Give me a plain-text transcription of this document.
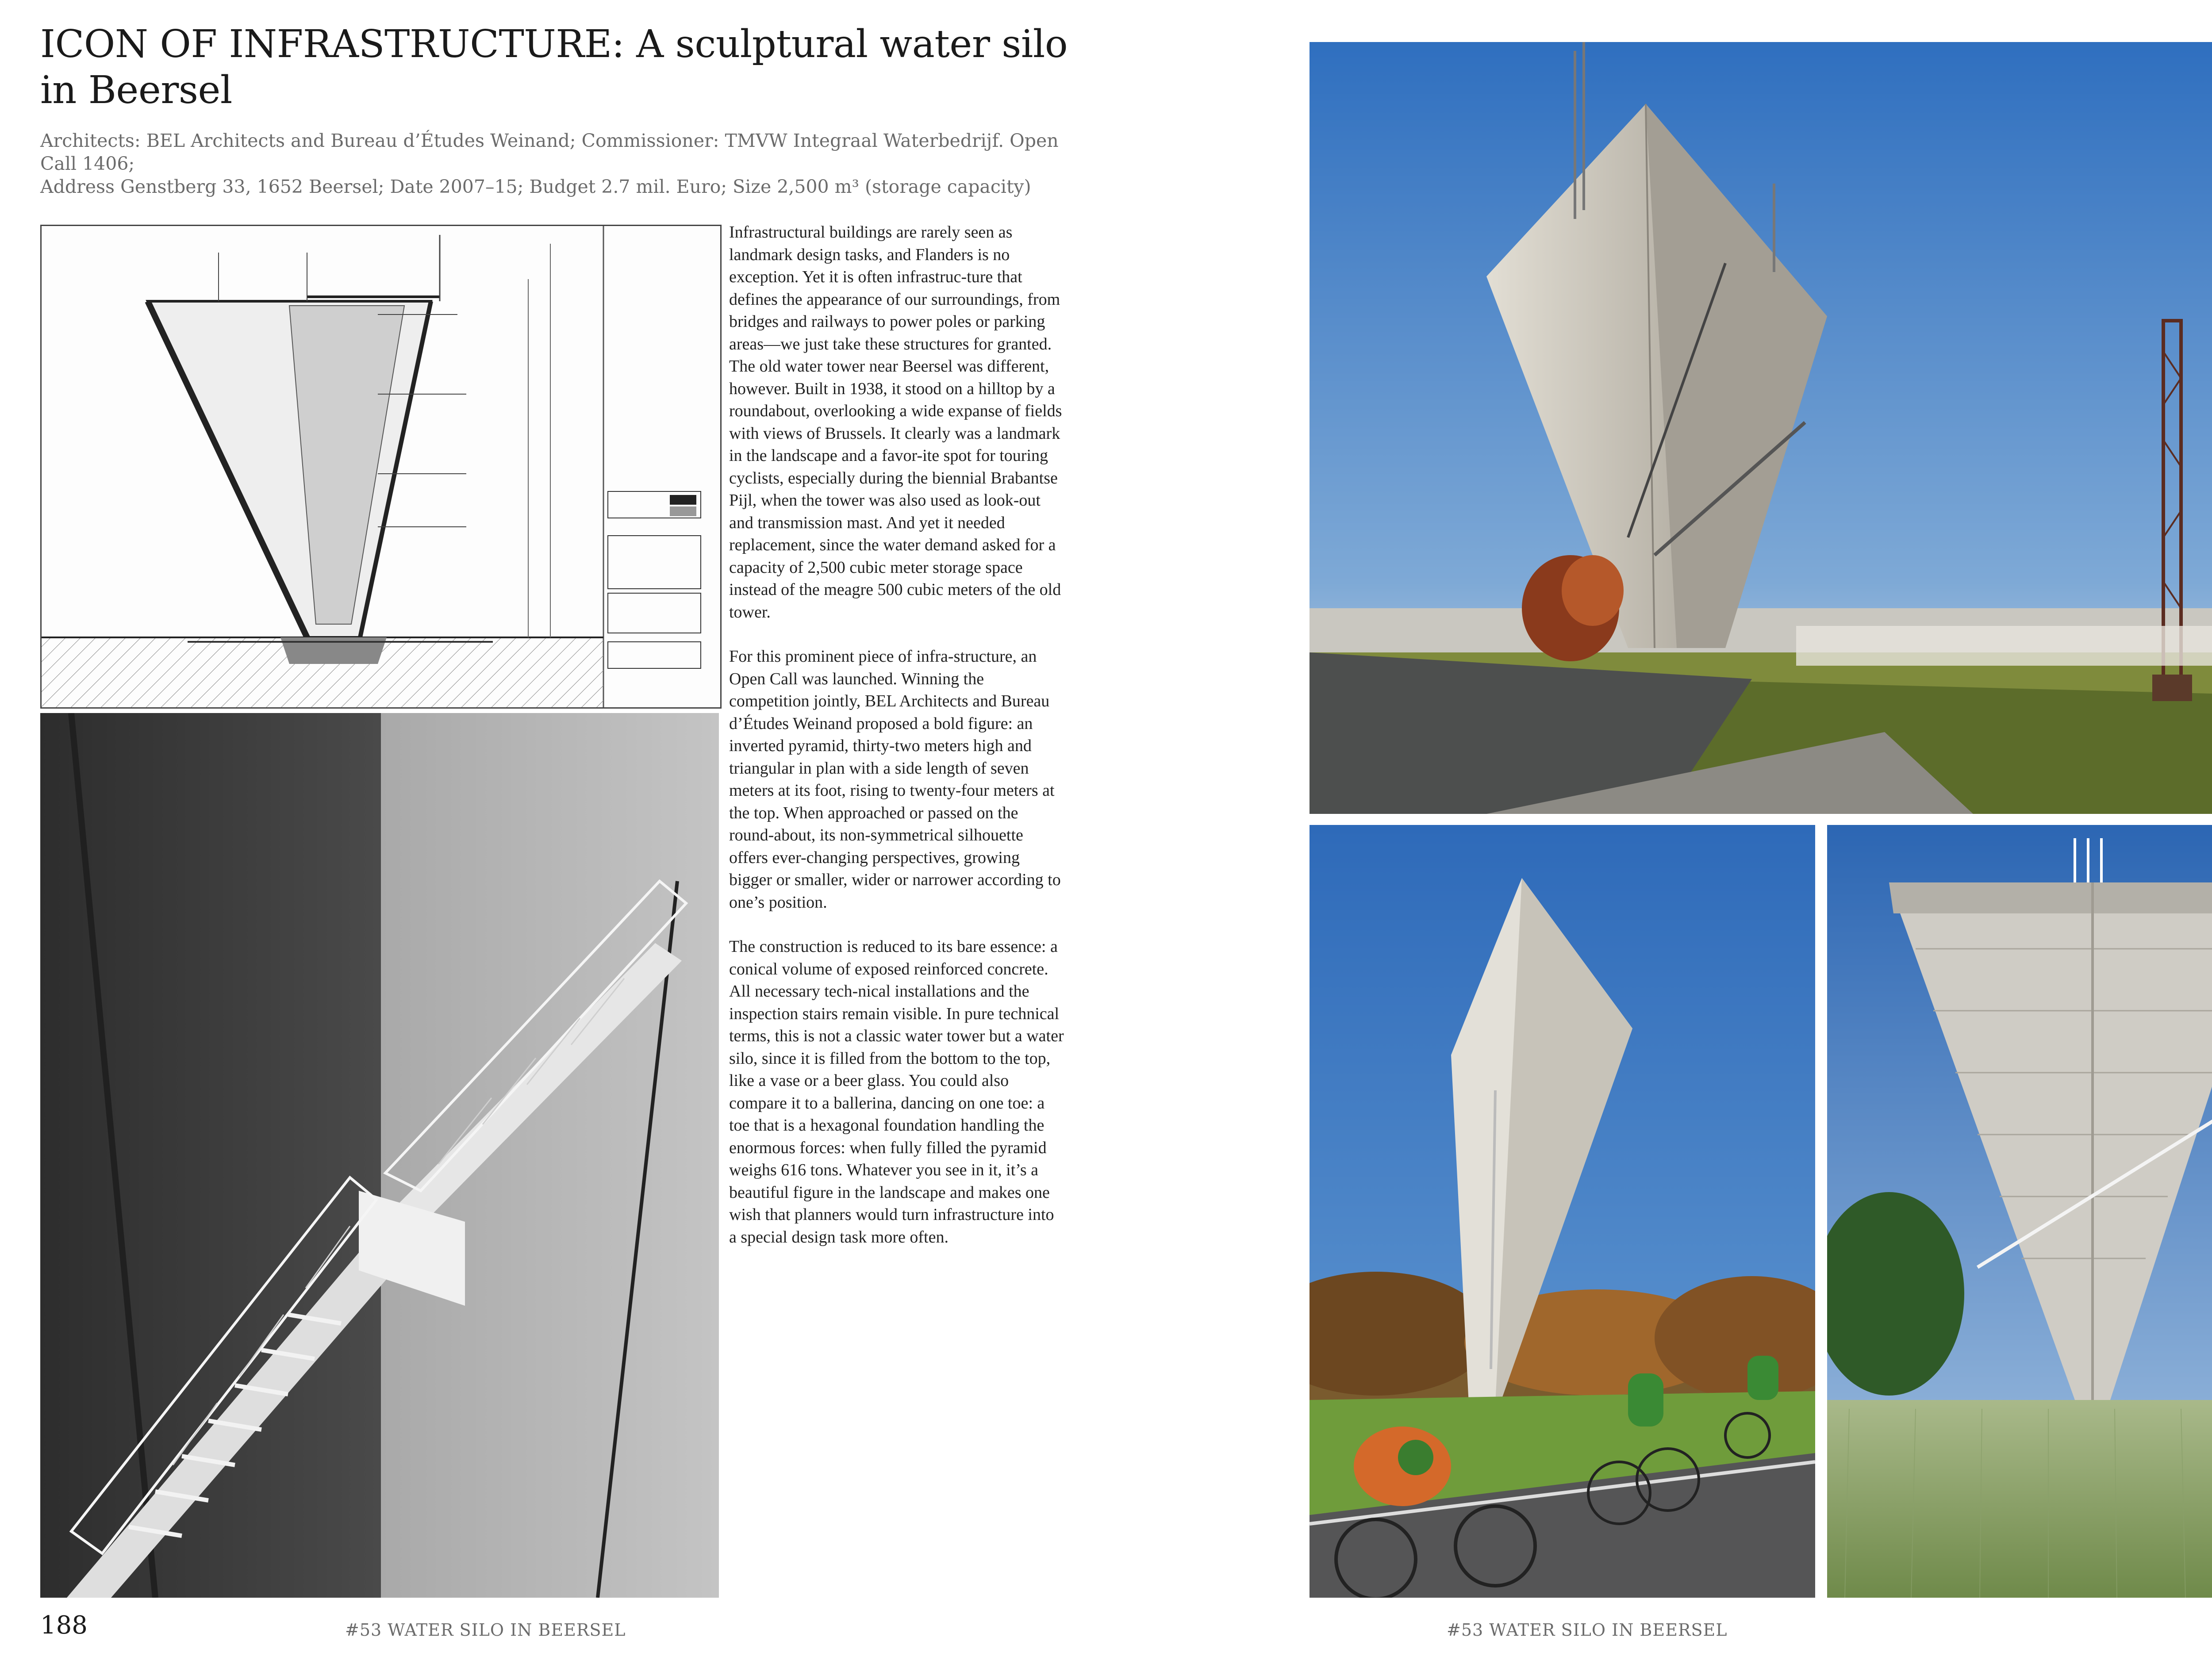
ICON OF INFRASTRUCTURE: A sculptural water silo in Beersel
Architects: BEL Architects and Bureau d’Études Weinand; Commissioner: TMVW Integraal Waterbedrijf. Open Call 1406;
Address Genstberg 33, 1652 Beersel; Date 2007–15; Budget 2.7 mil. Euro; Size 2,500 m³ (storage capacity)

Infrastructural buildings are rarely seen as landmark design tasks, and Flanders is no exception. Yet it is often infrastruc-ture that defines the appearance of our surroundings, from bridges and railways to power poles or parking areas—we just take these structures for granted. The old water tower near Beersel was different, however. Built in 1938, it stood on a hilltop by a roundabout, overlooking a wide expanse of fields with views of Brussels. It clearly was a landmark in the landscape and a favor-ite spot for touring cyclists, especially during the biennial Brabantse Pijl, when the tower was also used as look-out and transmission mast. And yet it needed replacement, since the water demand asked for a capacity of 2,500 cubic meter storage space instead of the meagre 500 cubic meters of the old tower.

For this prominent piece of infra-structure, an Open Call was launched. Winning the competition jointly, BEL Architects and Bureau d’Études Weinand proposed a bold figure: an inverted pyramid, thirty-two meters high and triangular in plan with a side length of seven meters at its foot, rising to twenty-four meters at the top. When approached or passed on the round-about, its non-symmetrical silhouette offers ever-changing perspectives, growing bigger or smaller, wider or narrower according to one’s position.

The construction is reduced to its bare essence: a conical volume of exposed reinforced concrete. All necessary tech-nical installations and the inspection stairs remain visible. In pure technical terms, this is not a classic water tower but a water silo, since it is filled from the bottom to the top, like a vase or a beer glass. You could also compare it to a ballerina, dancing on one toe: a toe that is a hexagonal foundation handling the enormous forces: when fully filled the pyramid weighs 616 tons. Whatever you see in it, it’s a beautiful figure in the landscape and makes one wish that planners would turn infrastructure into a special design task more often.

188	#53 WATER SILO IN BEERSEL	#53 WATER SILO IN BEERSEL
